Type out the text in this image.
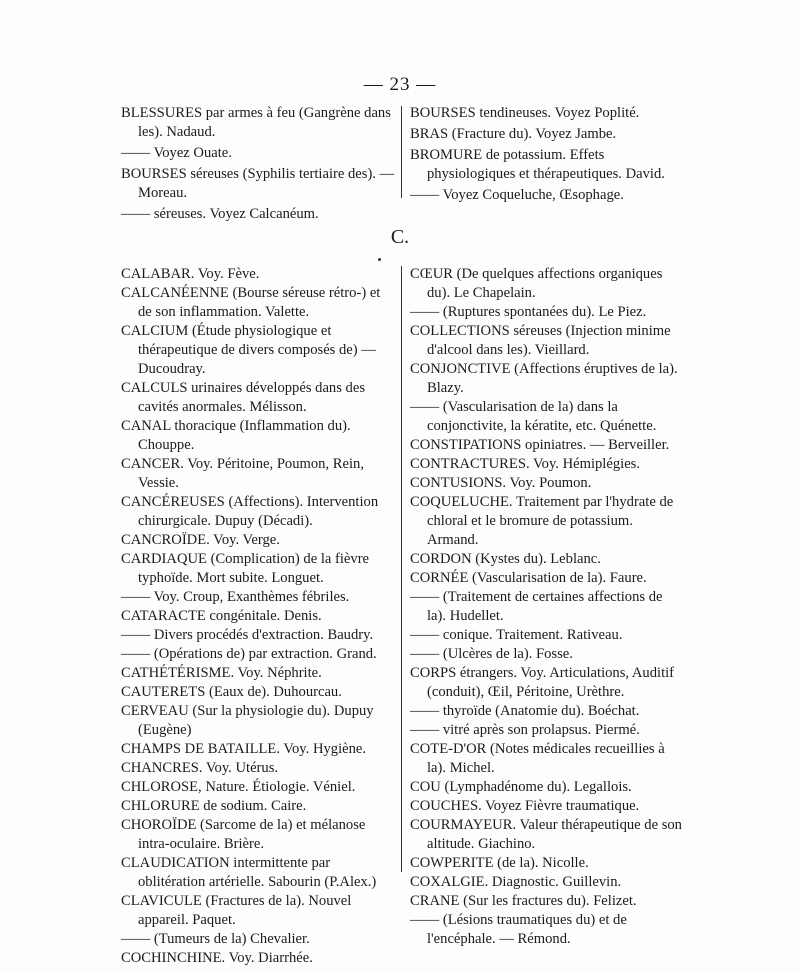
— 23 —

BLESSURES par armes à feu (Gangrène dans les). Nadaud.

—— Voyez Ouate.

BOURSES séreuses (Syphilis tertiaire des). — Moreau.

—— séreuses. Voyez Calcanéum.

BOURSES tendineuses. Voyez Poplité.

BRAS (Fracture du). Voyez Jambe.

BROMURE de potassium. Effets physiologiques et thérapeutiques. David.

—— Voyez Coqueluche, Œsophage.

C.

CALABAR. Voy. Fève.

CALCANÉENNE (Bourse séreuse rétro-) et de son inflammation. Valette.

CALCIUM (Étude physiologique et thérapeutique de divers composés de) — Ducoudray.

CALCULS urinaires développés dans des cavités anormales. Mélisson.

CANAL thoracique (Inflammation du). Chouppe.

CANCER. Voy. Péritoine, Poumon, Rein, Vessie.

CANCÉREUSES (Affections). Intervention chirurgicale. Dupuy (Décadi).

CANCROÏDE. Voy. Verge.

CARDIAQUE (Complication) de la fièvre typhoïde. Mort subite. Longuet.

—— Voy. Croup, Exanthèmes fébriles.

CATARACTE congénitale. Denis.

—— Divers procédés d'extraction. Baudry.

—— (Opérations de) par extraction. Grand.

CATHÉTÉRISME. Voy. Néphrite.

CAUTERETS (Eaux de). Duhourcau.

CERVEAU (Sur la physiologie du). Dupuy (Eugène)

CHAMPS DE BATAILLE. Voy. Hygiène.

CHANCRES. Voy. Utérus.

CHLOROSE, Nature. Étiologie. Véniel.

CHLORURE de sodium. Caire.

CHOROÏDE (Sarcome de la) et mélanose intra-oculaire. Brière.

CLAUDICATION intermittente par oblitération artérielle. Sabourin (P.Alex.)

CLAVICULE (Fractures de la). Nouvel appareil. Paquet.

—— (Tumeurs de la) Chevalier.

COCHINCHINE. Voy. Diarrhée.

CŒUR (De quelques affections organiques du). Le Chapelain.

—— (Ruptures spontanées du). Le Piez.

COLLECTIONS séreuses (Injection minime d'alcool dans les). Vieillard.

CONJONCTIVE (Affections éruptives de la). Blazy.

—— (Vascularisation de la) dans la conjonctivite, la kératite, etc. Quénette.

CONSTIPATIONS opiniatres. — Berveiller.

CONTRACTURES. Voy. Hémiplégies.

CONTUSIONS. Voy. Poumon.

COQUELUCHE. Traitement par l'hydrate de chloral et le bromure de potassium. Armand.

CORDON (Kystes du). Leblanc.

CORNÉE (Vascularisation de la). Faure.

—— (Traitement de certaines affections de la). Hudellet.

—— conique. Traitement. Rativeau.

—— (Ulcères de la). Fosse.

CORPS étrangers. Voy. Articulations, Auditif (conduit), Œil, Péritoine, Urèthre.

—— thyroïde (Anatomie du). Boéchat.

—— vitré après son prolapsus. Piermé.

COTE-D'OR (Notes médicales recueillies à la). Michel.

COU (Lymphadénome du). Legallois.

COUCHES. Voyez Fièvre traumatique.

COURMAYEUR. Valeur thérapeutique de son altitude. Giachino.

COWPERITE (de la). Nicolle.

COXALGIE. Diagnostic. Guillevin.

CRANE (Sur les fractures du). Felizet.

—— (Lésions traumatiques du) et de l'encéphale. — Rémond.
